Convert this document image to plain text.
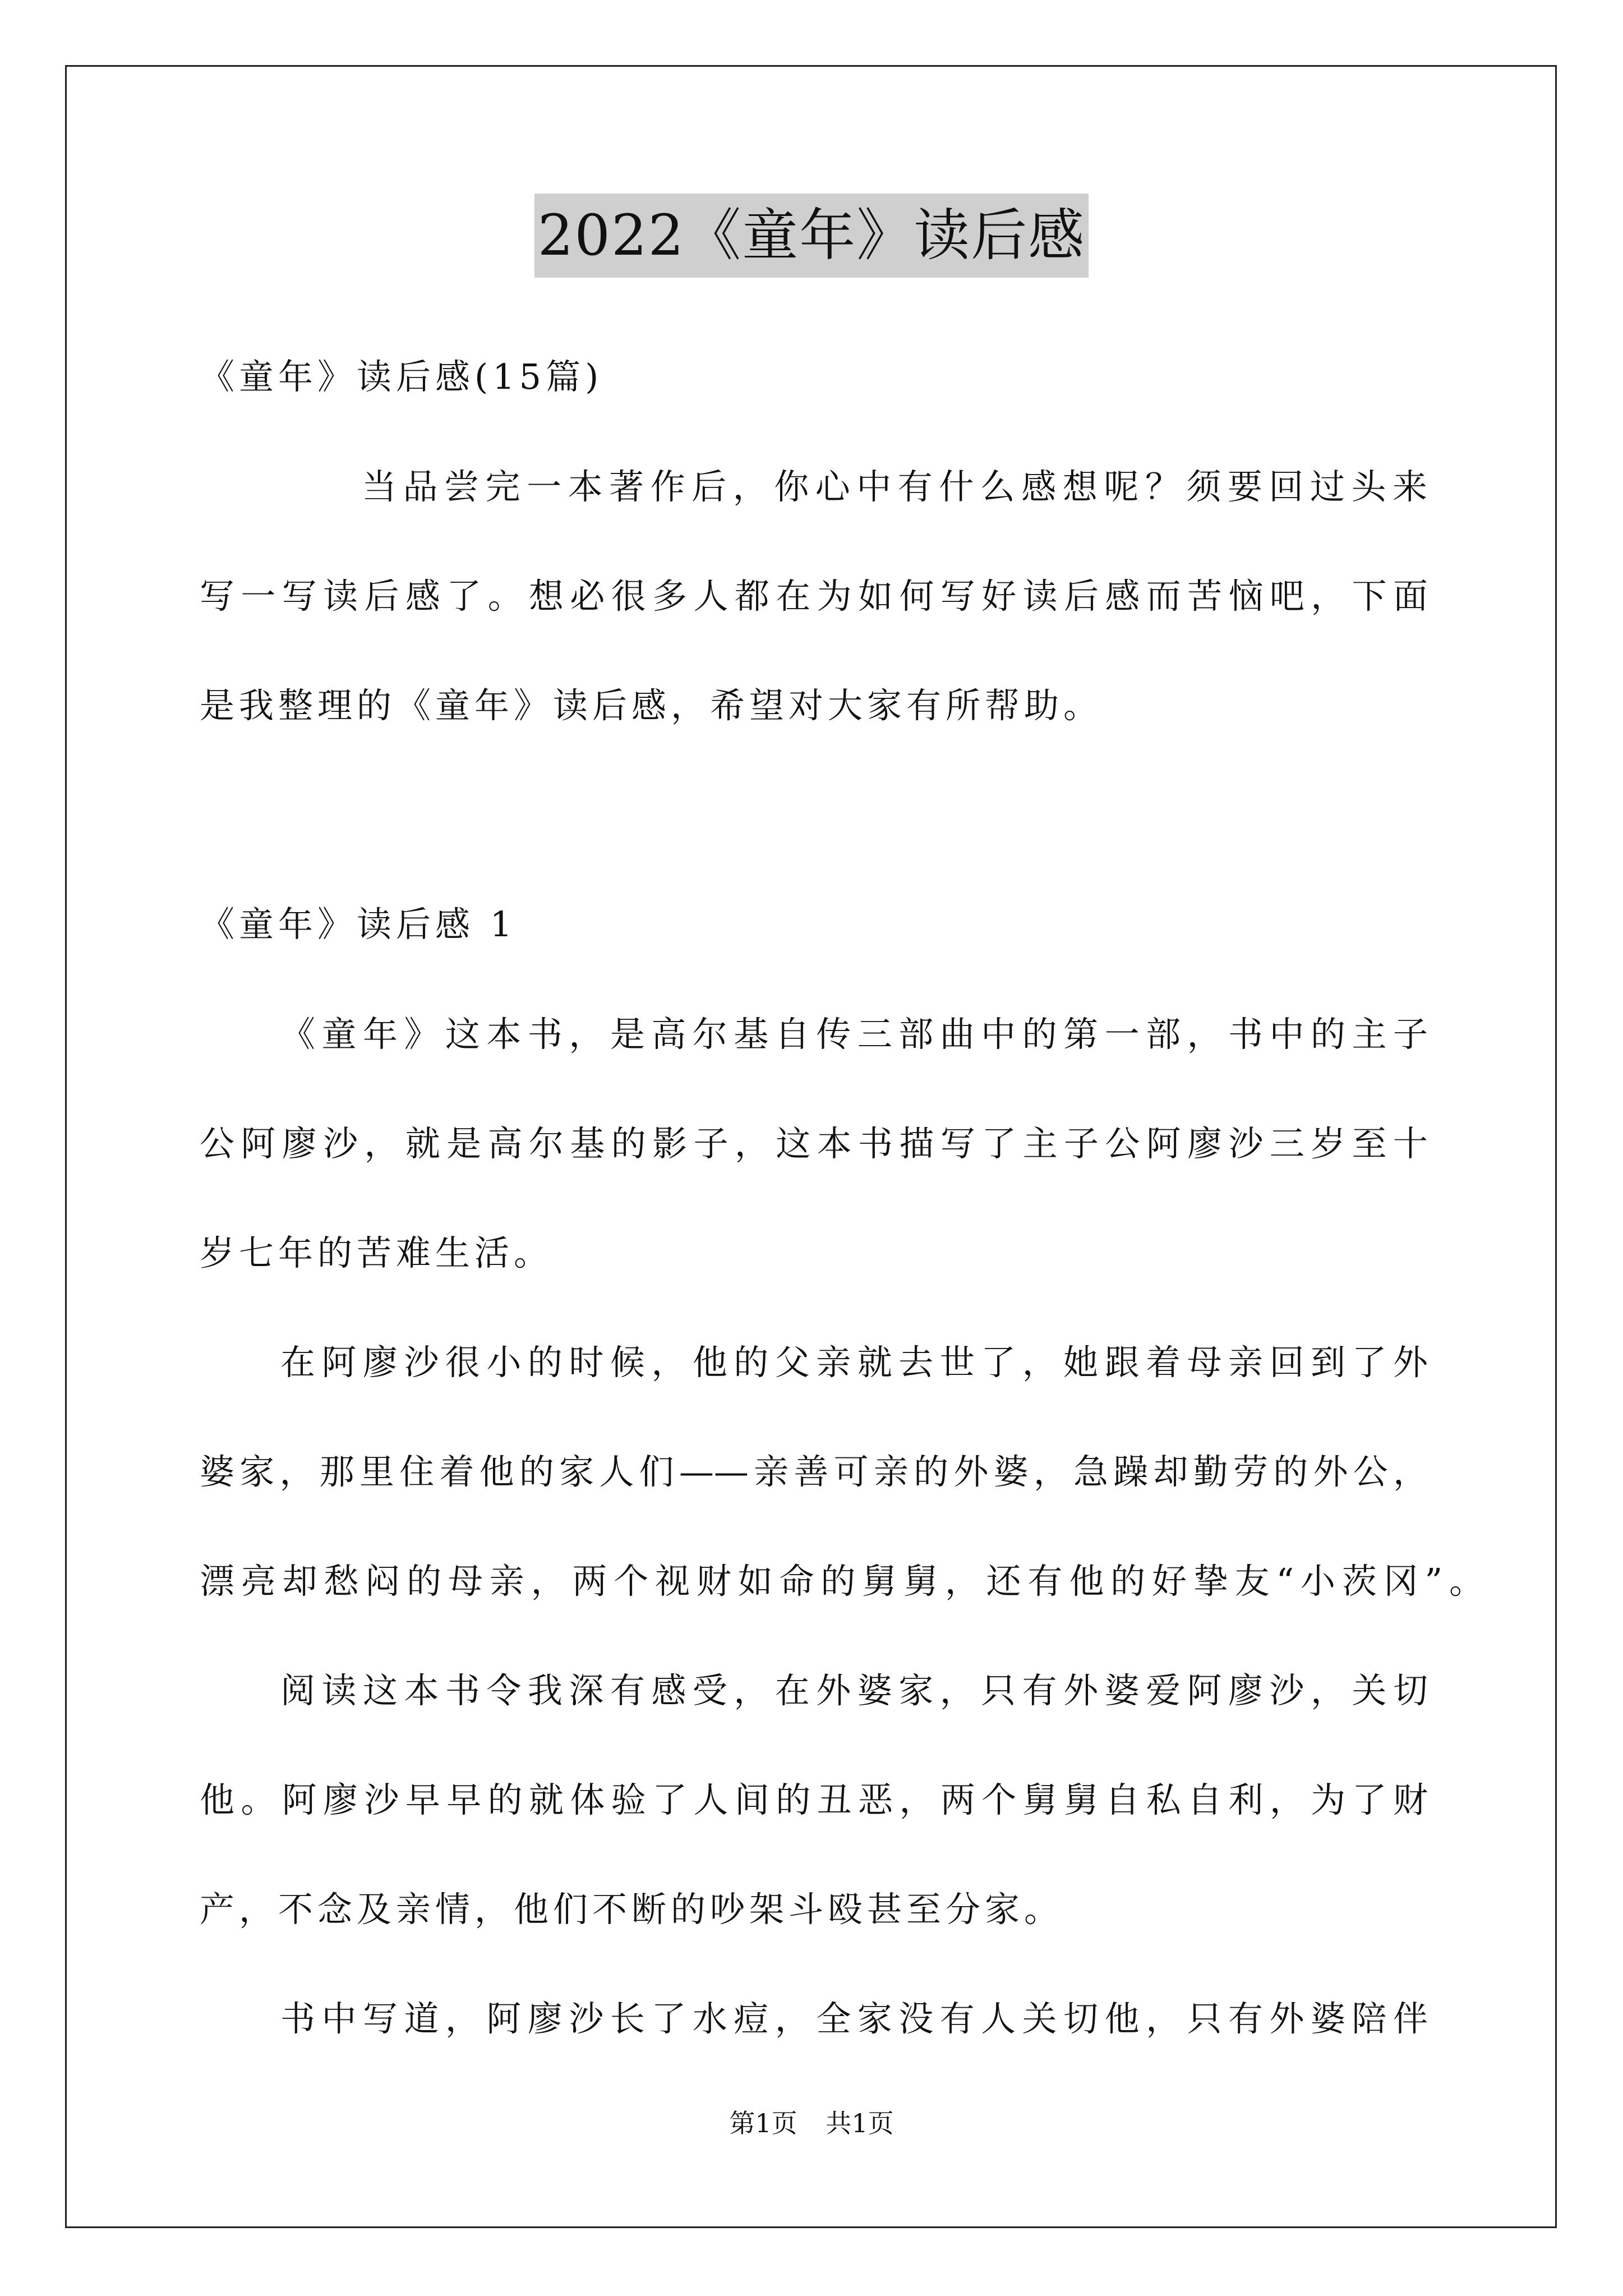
2022《童年》读后感
《童年》读后感(15篇)
当品尝完一本著作后，你心中有什么感想呢？须要回过头来
写一写读后感了。想必很多人都在为如何写好读后感而苦恼吧，下面
是我整理的《童年》读后感，希望对大家有所帮助。
《童年》读后感 1
《童年》这本书，是高尔基自传三部曲中的第一部，书中的主子
公阿廖沙，就是高尔基的影子，这本书描写了主子公阿廖沙三岁至十
岁七年的苦难生活。
在阿廖沙很小的时候，他的父亲就去世了，她跟着母亲回到了外
婆家，那里住着他的家人们——亲善可亲的外婆，急躁却勤劳的外公，
漂亮却愁闷的母亲，两个视财如命的舅舅，还有他的好挚友“小茨冈”。
阅读这本书令我深有感受，在外婆家，只有外婆爱阿廖沙，关切
他。阿廖沙早早的就体验了人间的丑恶，两个舅舅自私自利，为了财
产，不念及亲情，他们不断的吵架斗殴甚至分家。
书中写道，阿廖沙长了水痘，全家没有人关切他，只有外婆陪伴
第1页 共1页
